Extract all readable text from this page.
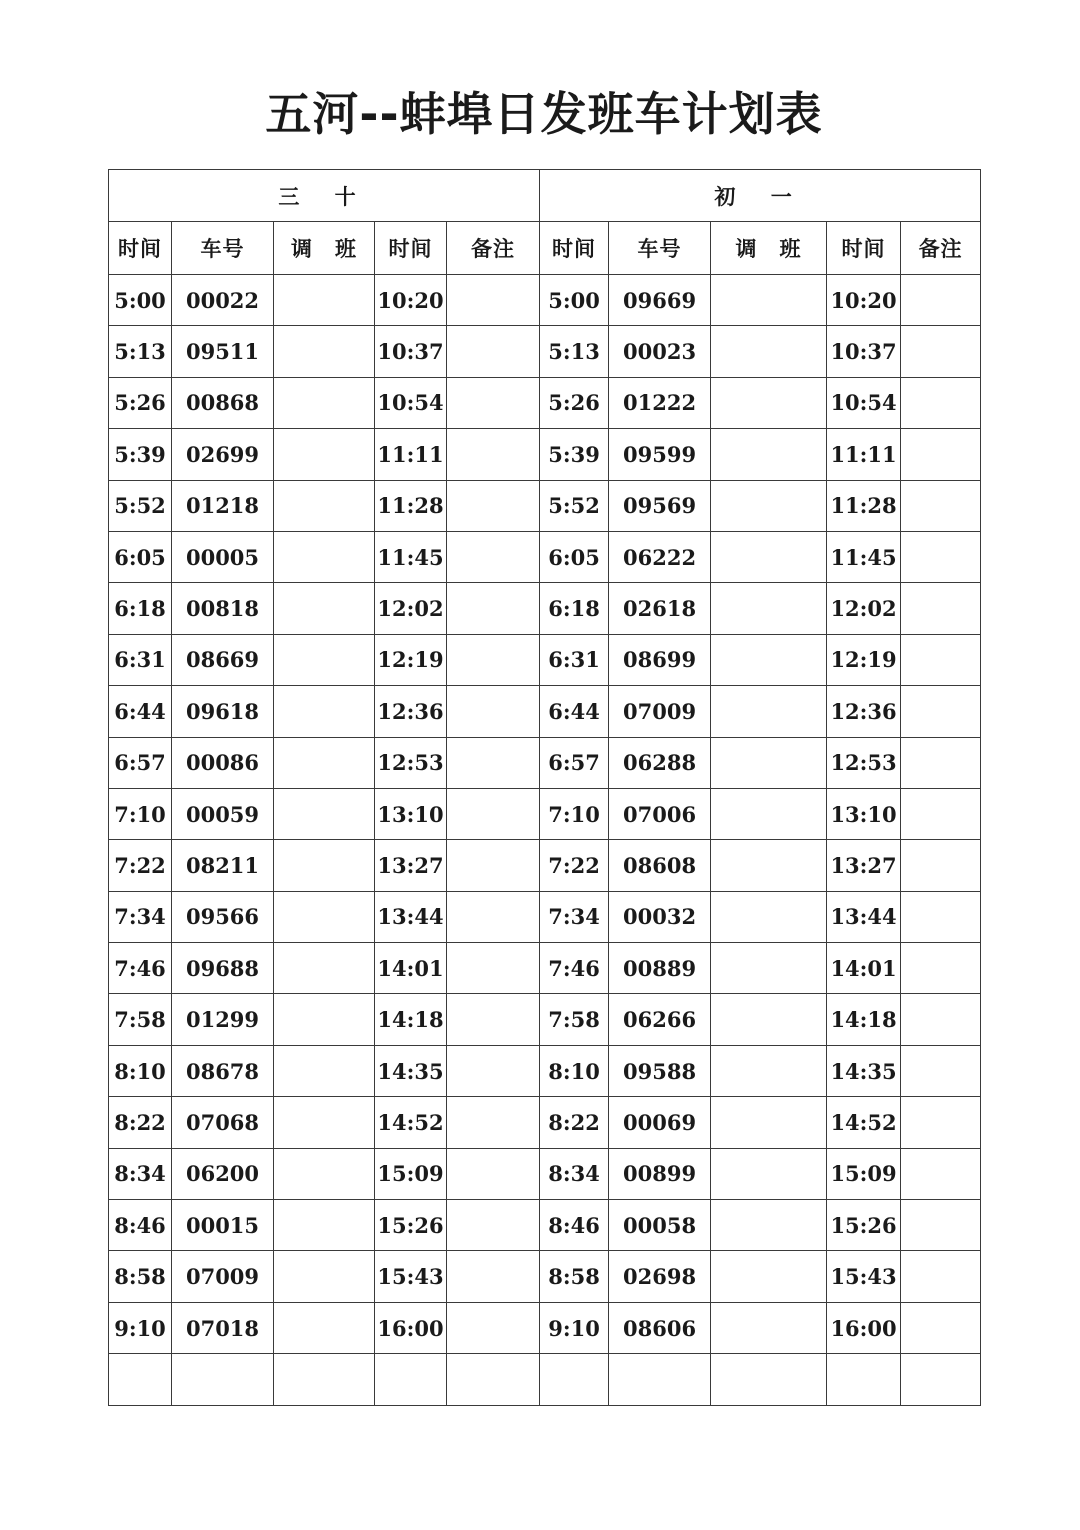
五河--蚌埠日发班车计划表
三 十					初 一				
时间	车号	调　班	时间	备注	时间	车号	调　班	时间	备注
5:00	00022		10:20		5:00	09669		10:20	
5:13	09511		10:37		5:13	00023		10:37	
5:26	00868		10:54		5:26	01222		10:54	
5:39	02699		11:11		5:39	09599		11:11	
5:52	01218		11:28		5:52	09569		11:28	
6:05	00005		11:45		6:05	06222		11:45	
6:18	00818		12:02		6:18	02618		12:02	
6:31	08669		12:19		6:31	08699		12:19	
6:44	09618		12:36		6:44	07009		12:36	
6:57	00086		12:53		6:57	06288		12:53	
7:10	00059		13:10		7:10	07006		13:10	
7:22	08211		13:27		7:22	08608		13:27	
7:34	09566		13:44		7:34	00032		13:44	
7:46	09688		14:01		7:46	00889		14:01	
7:58	01299		14:18		7:58	06266		14:18	
8:10	08678		14:35		8:10	09588		14:35	
8:22	07068		14:52		8:22	00069		14:52	
8:34	06200		15:09		8:34	00899		15:09	
8:46	00015		15:26		8:46	00058		15:26	
8:58	07009		15:43		8:58	02698		15:43	
9:10	07018		16:00		9:10	08606		16:00	
